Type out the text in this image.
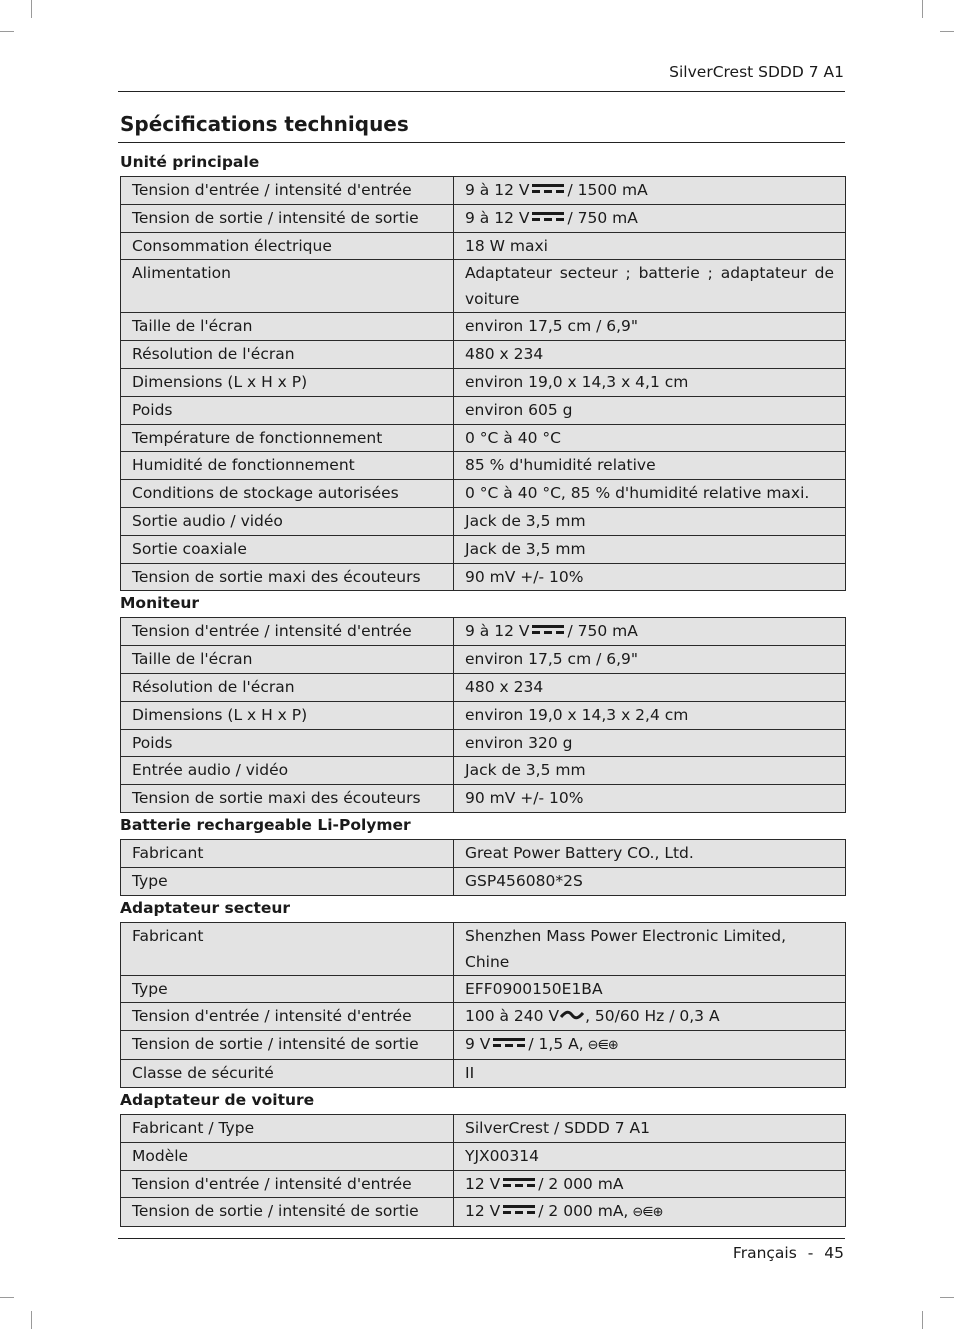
SilverCrest SDDD 7 A1
Spécifications techniques
Unité principale
Tension d'entrée / intensité d'entrée	9 à 12 V / 1500 mA
Tension de sortie / intensité de sortie	9 à 12 V / 750 mA
Consommation électrique	18 W maxi
Alimentation	Adaptateur secteur ; batterie ; adaptateur de voiture
Taille de l'écran	environ 17,5 cm / 6,9"
Résolution de l'écran	480 x 234
Dimensions (L x H x P)	environ 19,0 x 14,3 x 4,1 cm
Poids	environ 605 g
Température de fonctionnement	0 °C à 40 °C
Humidité de fonctionnement	85 % d'humidité relative
Conditions de stockage autorisées	0 °C à 40 °C, 85 % d'humidité relative maxi.
Sortie audio / vidéo	Jack de 3,5 mm
Sortie coaxiale	Jack de 3,5 mm
Tension de sortie maxi des écouteurs	90 mV +/- 10%
Moniteur
Tension d'entrée / intensité d'entrée	9 à 12 V / 750 mA
Taille de l'écran	environ 17,5 cm / 6,9"
Résolution de l'écran	480 x 234
Dimensions (L x H x P)	environ 19,0 x 14,3 x 2,4 cm
Poids	environ 320 g
Entrée audio / vidéo	Jack de 3,5 mm
Tension de sortie maxi des écouteurs	90 mV +/- 10%
Batterie rechargeable Li-Polymer
Fabricant	Great Power Battery CO., Ltd.
Type	GSP456080*2S
Adaptateur secteur
Fabricant	Shenzhen Mass Power Electronic Limited, Chine
Type	EFF0900150E1BA
Tension d'entrée / intensité d'entrée	100 à 240 V , 50/60 Hz / 0,3 A
Tension de sortie / intensité de sortie	9 V / 1,5 A, ⊖⋹⊕
Classe de sécurité	II
Adaptateur de voiture
Fabricant / Type	SilverCrest / SDDD 7 A1
Modèle	YJX00314
Tension d'entrée / intensité d'entrée	12 V / 2 000 mA
Tension de sortie / intensité de sortie	12 V / 2 000 mA, ⊖⋹⊕
Français - 45
